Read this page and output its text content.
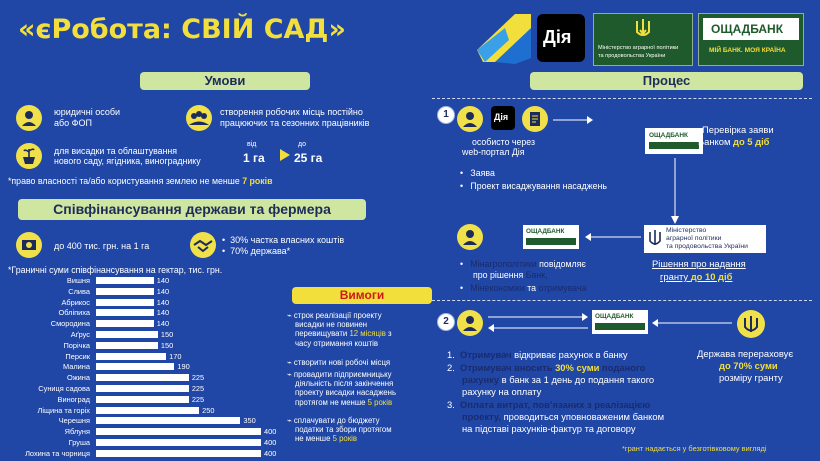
«єРобота: СВІЙ САД»	Дія
Міністерство аграрної політики
та продовольства України
ОЩАДБАНК
МІЙ БАНК. МОЯ КРАЇНА
Умови
юридичні особи
або ФОП
створення робочих місць постійно
працюючих та сезонних працівників
для висадки та облаштування
нового саду, ягідника, винограднику
від
1 га
до
25 га
*право власності та/або користування землею не менше 7 років
Співфінансування держави та фермера
до 400 тис. грн. на 1 га
•  30% частка власних коштів
•  70% держава*
*Граничні суми співфінансування на гектар, тис. грн.
Вишня	140
Слива	140
Абрикос	140
Обліпиха	140
Смородина	140
Аґрус	150
Порічка	150
Персик	170
Малина	190
Ожина	225
Суниця садова	225
Виноград	225
Ліщина та горіх	250
Черешня	350
Яблуня	400
Груша	400
Лохина та чорниця	400
Вимоги
⌁ строк реалізації проекту
висадки не повинен
перевищувати 12 місяців з
часу отримання коштів
⌁ створити нові робочі місця
⌁ провадити підприємницьку
діяльність після закінчення
проекту висадки насаджень
протягом не менше 5 років
⌁ сплачувати до бюджету
податки та збори протягом
не менше 5 років
Процес
1	Дія
особисто через
web-портал Дія
ОЩАДБАНК
Перевірка заяви
Банком до 5 діб
•   Заява
•   Проект висаджування насаджень
Міністерство
аграрної політики
та продовольства України
Рішення про надання
гранту до 10 діб
ОЩАДБАНК
•   Мінагрополітики повідомляє
про рішення Банк,
•   Мінекономіки та отримувача
2	ОЩАДБАНК
Держава перераховує
до 70% суми
розміру гранту
1. Отримувач відкриває рахунок в банку
2. Отримувач вносить 30% суми поданого
рахунку в банк за 1 день до подання такого
рахунку на оплату
3. Оплата витрат, пов’язаних з реалізацією
проекту, проводиться уповноваженим банком
на підставі рахунків-фактур та договору
*грант надається у безготівковому вигляді
